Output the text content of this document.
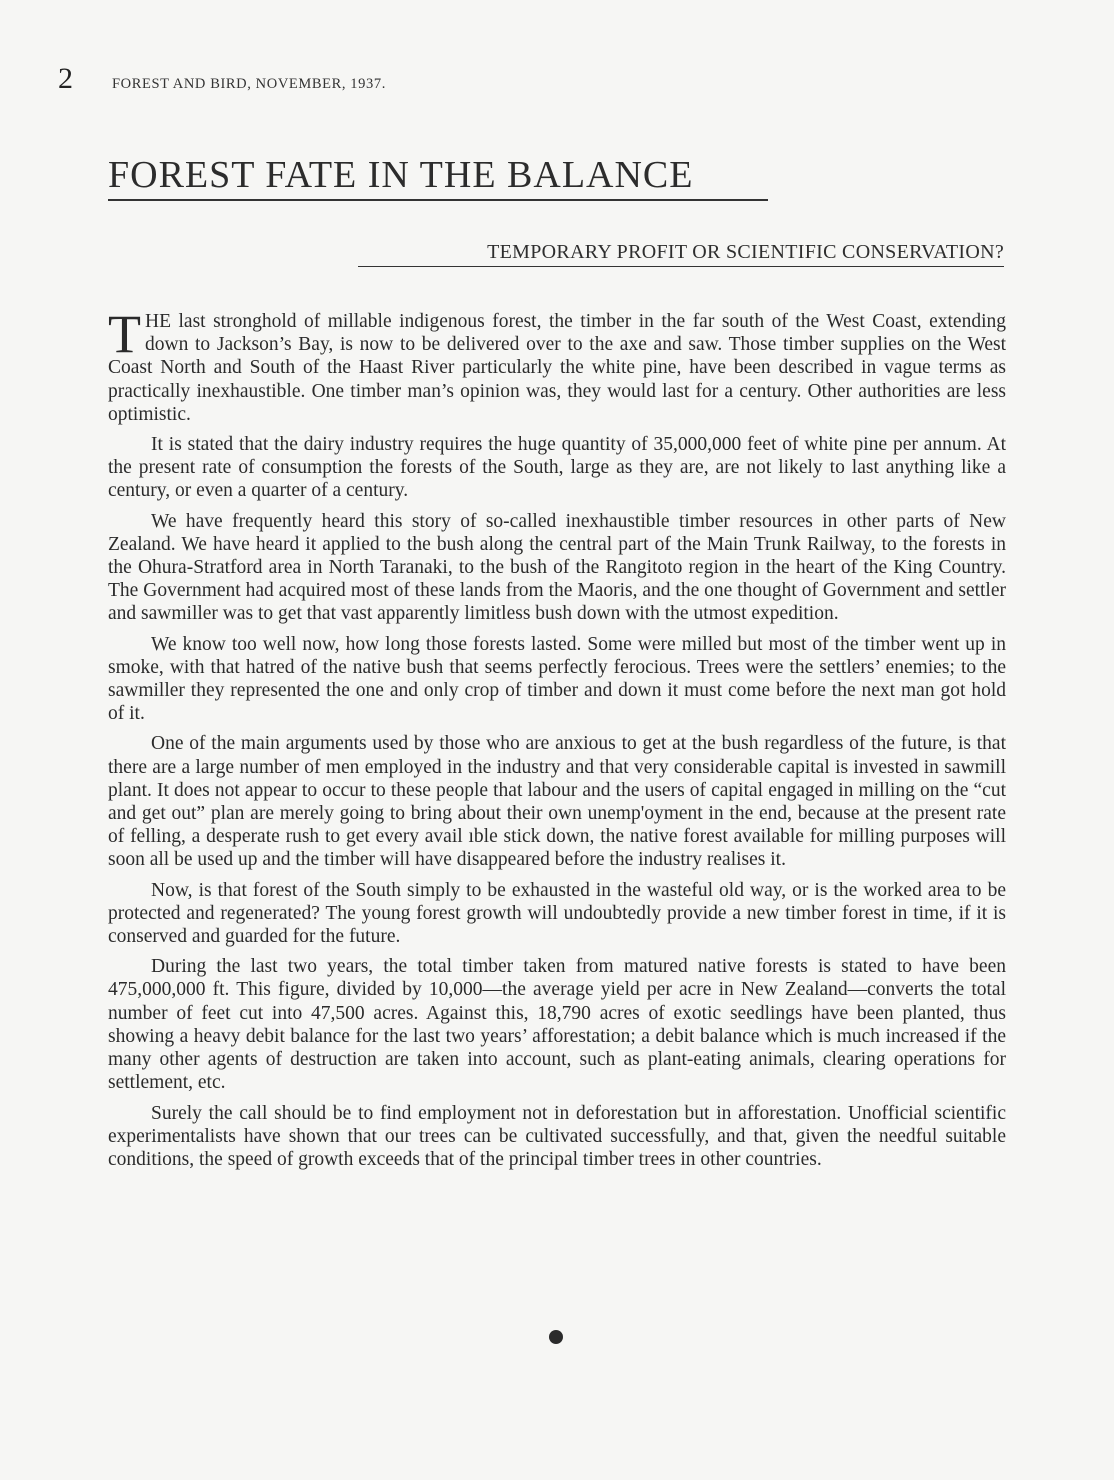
2	FOREST AND BIRD, NOVEMBER, 1937.
FOREST FATE IN THE BALANCE
TEMPORARY PROFIT OR SCIENTIFIC CONSERVATION?

THE last stronghold of millable indigenous forest, the timber in the far south of the West Coast, extending down to Jackson’s Bay, is now to be delivered over to the axe and saw. Those timber supplies on the West Coast North and South of the Haast River particularly the white pine, have been described in vague terms as practically inexhaustible. One timber man’s opinion was, they would last for a century. Other authorities are less optimistic.

It is stated that the dairy industry requires the huge quantity of 35,000,000 feet of white pine per annum. At the present rate of consumption the forests of the South, large as they are, are not likely to last anything like a century, or even a quarter of a century.

We have frequently heard this story of so-called inexhaustible timber resources in other parts of New Zealand. We have heard it applied to the bush along the central part of the Main Trunk Railway, to the forests in the Ohura-Stratford area in North Taranaki, to the bush of the Rangitoto region in the heart of the King Country. The Government had acquired most of these lands from the Maoris, and the one thought of Government and settler and sawmiller was to get that vast apparently limitless bush down with the utmost expedition.

We know too well now, how long those forests lasted. Some were milled but most of the timber went up in smoke, with that hatred of the native bush that seems perfectly ferocious. Trees were the settlers’ enemies; to the sawmiller they represented the one and only crop of timber and down it must come before the next man got hold of it.

One of the main arguments used by those who are anxious to get at the bush regardless of the future, is that there are a large number of men employed in the industry and that very considerable capital is invested in sawmill plant. It does not appear to occur to these people that labour and the users of capital engaged in milling on the “cut and get out” plan are merely going to bring about their own unemp'oyment in the end, because at the present rate of felling, a desperate rush to get every avail ıble stick down, the native forest available for milling purposes will soon all be used up and the timber will have disappeared before the industry realises it.

Now, is that forest of the South simply to be exhausted in the wasteful old way, or is the worked area to be protected and regenerated? The young forest growth will undoubtedly provide a new timber forest in time, if it is conserved and guarded for the future.

During the last two years, the total timber taken from matured native forests is stated to have been 475,000,000 ft. This figure, divided by 10,000—the average yield per acre in New Zealand—converts the total number of feet cut into 47,500 acres. Against this, 18,790 acres of exotic seedlings have been planted, thus showing a heavy debit balance for the last two years’ afforestation; a debit balance which is much increased if the many other agents of destruction are taken into account, such as plant-eating animals, clearing operations for settlement, etc.

Surely the call should be to find employment not in deforestation but in afforestation. Unofficial scientific experimentalists have shown that our trees can be cultivated successfully, and that, given the needful suitable conditions, the speed of growth exceeds that of the principal timber trees in other countries.
